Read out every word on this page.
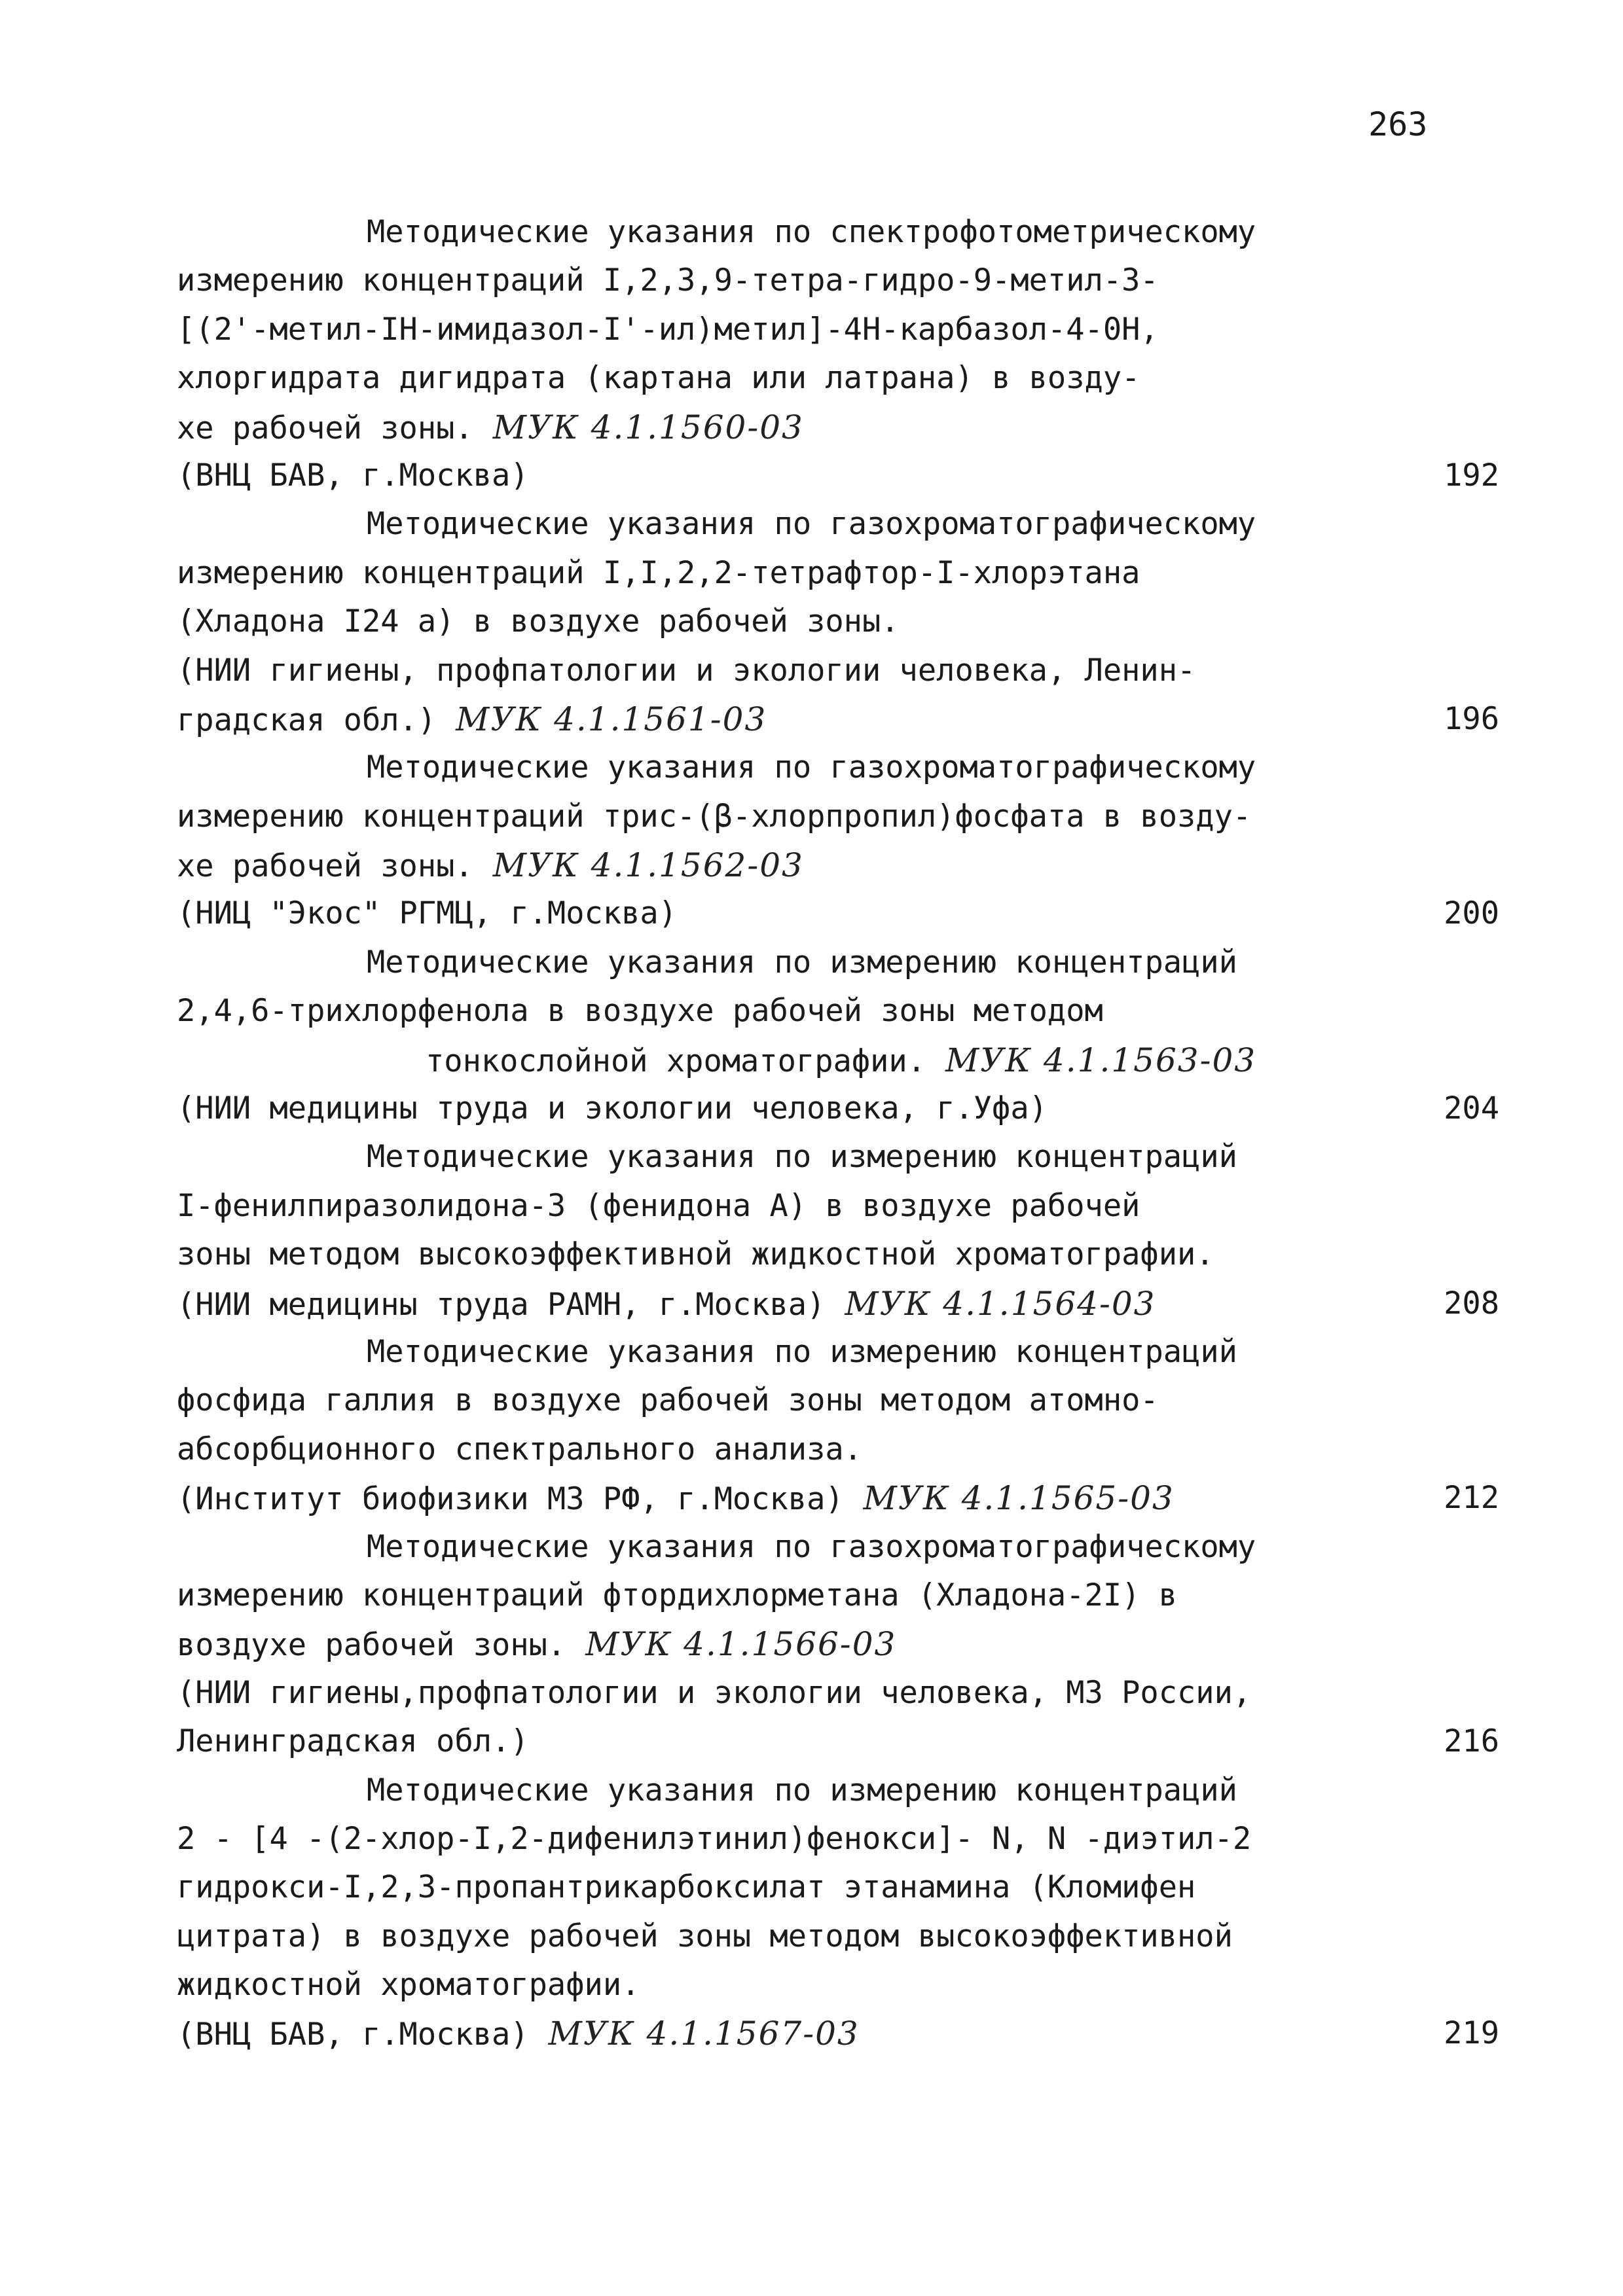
263
Методические указания по спектрофотометрическому
измерению концентраций I,2,3,9-тетра-гидро-9-метил-3-
[(2'-метил-IН-имидазол-I'-ил)метил]-4Н-карбазол-4-0Н,
хлоргидрата дигидрата (картана или латрана) в возду-
хе рабочей зоны. МУК 4.1.1560-03
(ВНЦ БАВ, г.Москва)	192
Методические указания по газохроматографическому
измерению концентраций I,I,2,2-тетрафтор-I-хлорэтана
(Хладона I24 а) в воздухе рабочей зоны.
(НИИ гигиены, профпатологии и экологии человека, Ленин-
градская обл.) МУК 4.1.1561-03	196
Методические указания по газохроматографическому
измерению концентраций трис-(β-хлорпропил)фосфата в возду-
хе рабочей зоны. МУК 4.1.1562-03
(НИЦ "Экос" РГМЦ, г.Москва)	200
Методические указания по измерению концентраций
2,4,6-трихлорфенола в воздухе рабочей зоны методом
тонкослойной хроматографии. МУК 4.1.1563-03
(НИИ медицины труда и экологии человека, г.Уфа)	204
Методические указания по измерению концентраций
I-фенилпиразолидона-3 (фенидона А) в воздухе рабочей
зоны методом высокоэффективной жидкостной хроматографии.
(НИИ медицины труда РАМН, г.Москва) МУК 4.1.1564-03	208
Методические указания по измерению концентраций
фосфида галлия в воздухе рабочей зоны методом атомно-
абсорбционного спектрального анализа.
(Институт биофизики МЗ РФ, г.Москва) МУК 4.1.1565-03	212
Методические указания по газохроматографическому
измерению концентраций фтордихлорметана (Хладона-2I) в
воздухе рабочей зоны. МУК 4.1.1566-03
(НИИ гигиены,профпатологии и экологии человека, МЗ России,
Ленинградская обл.)	216
Методические указания по измерению концентраций
2 - [4 -(2-хлор-I,2-дифенилэтинил)фенокси]- N, N -диэтил-2
гидрокси-I,2,3-пропантрикарбоксилат этанамина (Кломифен
цитрата) в воздухе рабочей зоны методом высокоэффективной
жидкостной хроматографии.
(ВНЦ БАВ, г.Москва) МУК 4.1.1567-03	219
